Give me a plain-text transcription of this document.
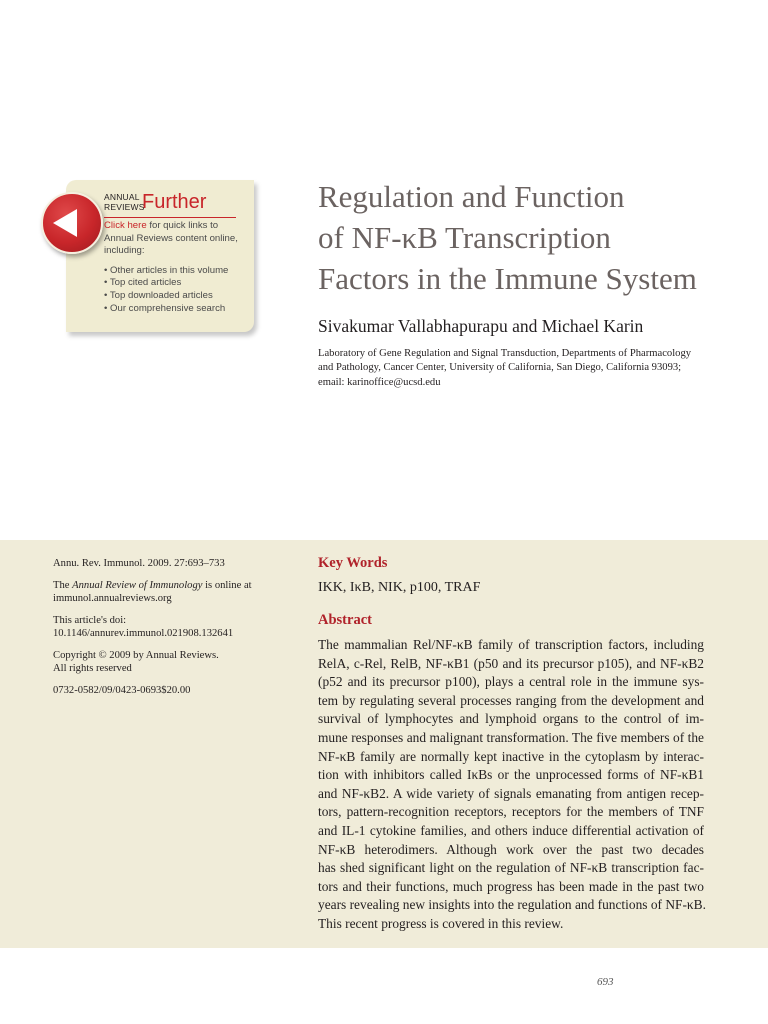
ANNUAL
REVIEWS
Further
Click here for quick links to
Annual Reviews content online,
including:
• Other articles in this volume
• Top cited articles
• Top downloaded articles
• Our comprehensive search
Regulation and Function
of NF-κB Transcription
Factors in the Immune System
Sivakumar Vallabhapurapu and Michael Karin
Laboratory of Gene Regulation and Signal Transduction, Departments of Pharmacology
and Pathology, Cancer Center, University of California, San Diego, California 93093;
email: karinoffice@ucsd.edu

Annu. Rev. Immunol. 2009. 27:693–733

The Annual Review of Immunology is online at
immunol.annualreviews.org

This article's doi:
10.1146/annurev.immunol.021908.132641

Copyright © 2009 by Annual Reviews.
All rights reserved

0732-0582/09/0423-0693$20.00

Key Words
IKK, IκB, NIK, p100, TRAF
Abstract
The mammalian Rel/NF-κB family of transcription factors, including
RelA, c-Rel, RelB, NF-κB1 (p50 and its precursor p105), and NF-κB2
(p52 and its precursor p100), plays a central role in the immune sys-
tem by regulating several processes ranging from the development and
survival of lymphocytes and lymphoid organs to the control of im-
mune responses and malignant transformation. The five members of the
NF-κB family are normally kept inactive in the cytoplasm by interac-
tion with inhibitors called IκBs or the unprocessed forms of NF-κB1
and NF-κB2. A wide variety of signals emanating from antigen recep-
tors, pattern-recognition receptors, receptors for the members of TNF
and IL-1 cytokine families, and others induce differential activation of
NF-κB heterodimers. Although work over the past two decades
has shed significant light on the regulation of NF-κB transcription fac-
tors and their functions, much progress has been made in the past two
years revealing new insights into the regulation and functions of NF-κB.
This recent progress is covered in this review.
693
